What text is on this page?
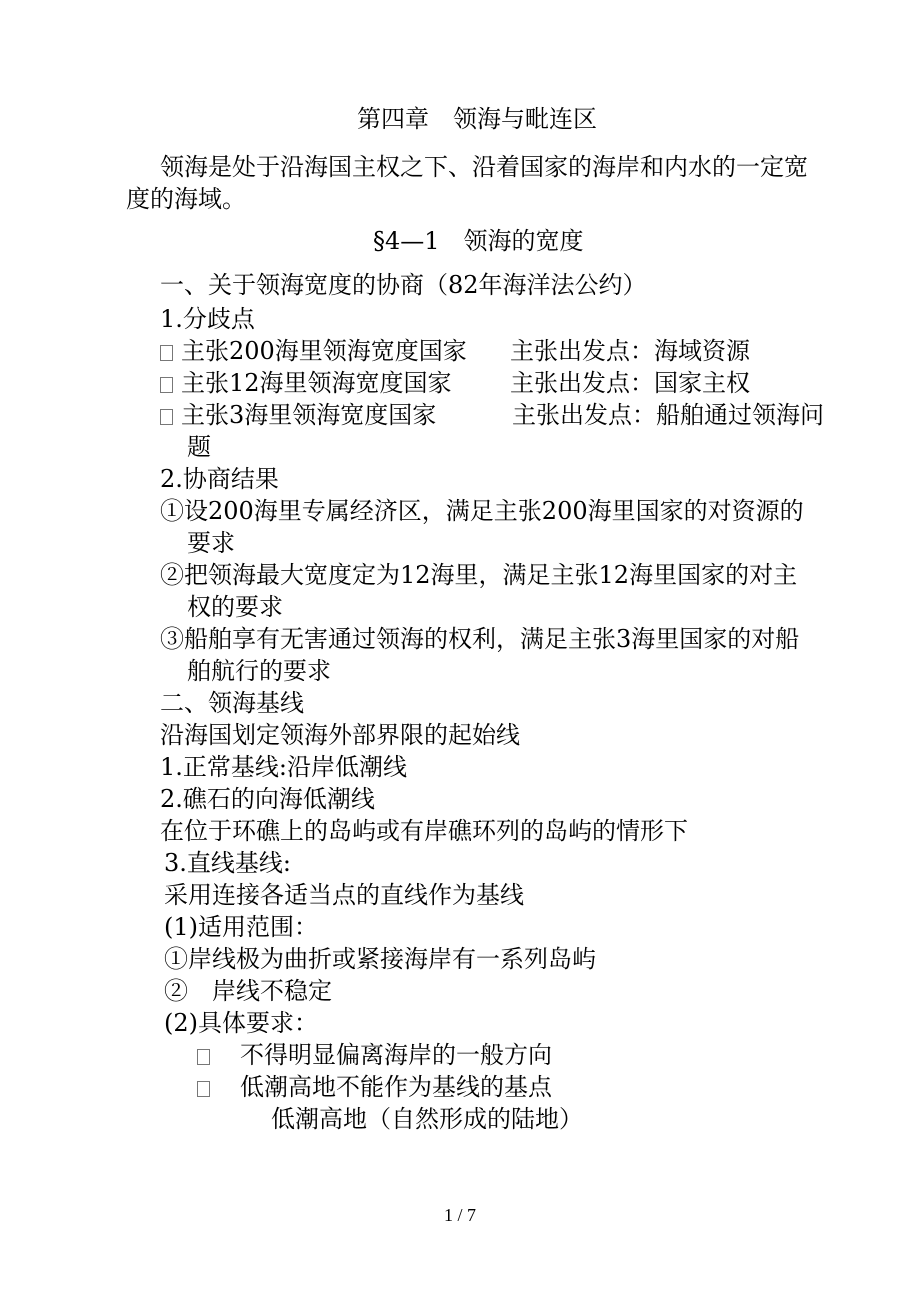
第四章　领海与毗连区
领海是处于沿海国主权之下、沿着国家的海岸和内水的一定宽
度的海域。
§4—1　领海的宽度
一、关于领海宽度的协商（82年海洋法公约）
1.分歧点
主张200海里领海宽度国家 主张出发点：海域资源
主张12海里领海宽度国家 主张出发点：国家主权
主张3海里领海宽度国家	主张出发点：船舶通过领海问
题
2.协商结果
①设200海里专属经济区，满足主张200海里国家的对资源的
要求
②把领海最大宽度定为12海里，满足主张12海里国家的对主
权的要求
③船舶享有无害通过领海的权利，满足主张3海里国家的对船
舶航行的要求
二、领海基线
沿海国划定领海外部界限的起始线
1.正常基线:沿岸低潮线
2.礁石的向海低潮线
在位于环礁上的岛屿或有岸礁环列的岛屿的情形下
3.直线基线:
采用连接各适当点的直线作为基线
(1)适用范围：
①岸线极为曲折或紧接海岸有一系列岛屿
②　岸线不稳定
(2)具体要求：
不得明显偏离海岸的一般方向
低潮高地不能作为基线的基点
低潮高地（自然形成的陆地）
1 / 7
